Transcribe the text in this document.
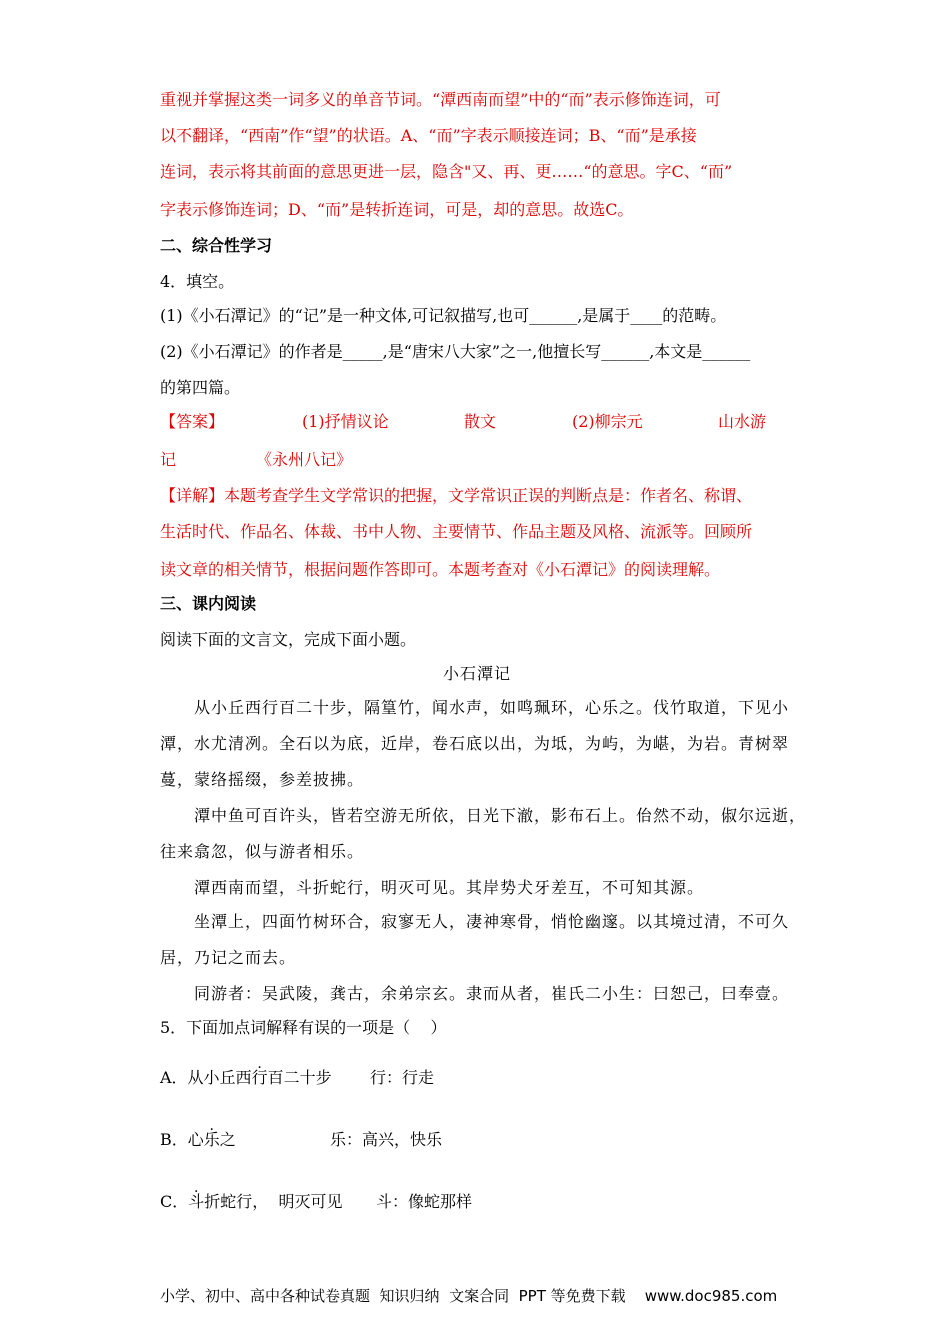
重视并掌握这类一词多义的单音节词。“潭西南而望”中的“而”表示修饰连词，可
以不翻译，“西南”作“望”的状语。A、“而”字表示顺接连词；B、“而”是承接
连词，表示将其前面的意思更进一层，隐含"又、再、更……“的意思。字C、“而”
字表示修饰连词；D、“而”是转折连词，可是，却的意思。故选C。
二、综合性学习
4．填空。
(1)《小石潭记》的“记”是一种文体,可记叙描写,也可______,是属于____的范畴。
(2)《小石潭记》的作者是_____,是“唐宋八大家”之一,他擅长写______,本文是______
的第四篇。
【答案】	(1)抒情议论	散文	(2)柳宗元	山水游
记	《永州八记》
【详解】本题考查学生文学常识的把握，文学常识正误的判断点是：作者名、称谓、
生活时代、作品名、体裁、书中人物、主要情节、作品主题及风格、流派等。回顾所
读文章的相关情节，根据问题作答即可。本题考查对《小石潭记》的阅读理解。
三、课内阅读
阅读下面的文言文，完成下面小题。
小石潭记
从小丘西行百二十步，隔篁竹，闻水声，如鸣珮环，心乐之。伐竹取道，下见小
潭，水尤清冽。全石以为底，近岸，卷石底以出，为坻，为屿，为嵁，为岩。青树翠
蔓，蒙络摇缀，参差披拂。
潭中鱼可百许头，皆若空游无所依，日光下澈，影布石上。佁然不动，俶尔远逝，
往来翕忽，似与游者相乐。
潭西南而望，斗折蛇行，明灭可见。其岸势犬牙差互，不可知其源。
坐潭上，四面竹树环合，寂寥无人，凄神寒骨，悄怆幽邃。以其境过清，不可久
居，乃记之而去。
同游者：吴武陵，龚古，余弟宗玄。隶而从者，崔氏二小生：曰恕己，曰奉壹。
5．下面加点词解释有误的一项是（    ）
A．从小丘西行百二十步 行：行走
B．心乐之	乐：高兴，快乐
C．斗折蛇行，  明灭可见 斗：像蛇那样
小学、初中、高中各种试卷真题  知识归纳  文案合同  PPT 等免费下载    www.doc985.com
